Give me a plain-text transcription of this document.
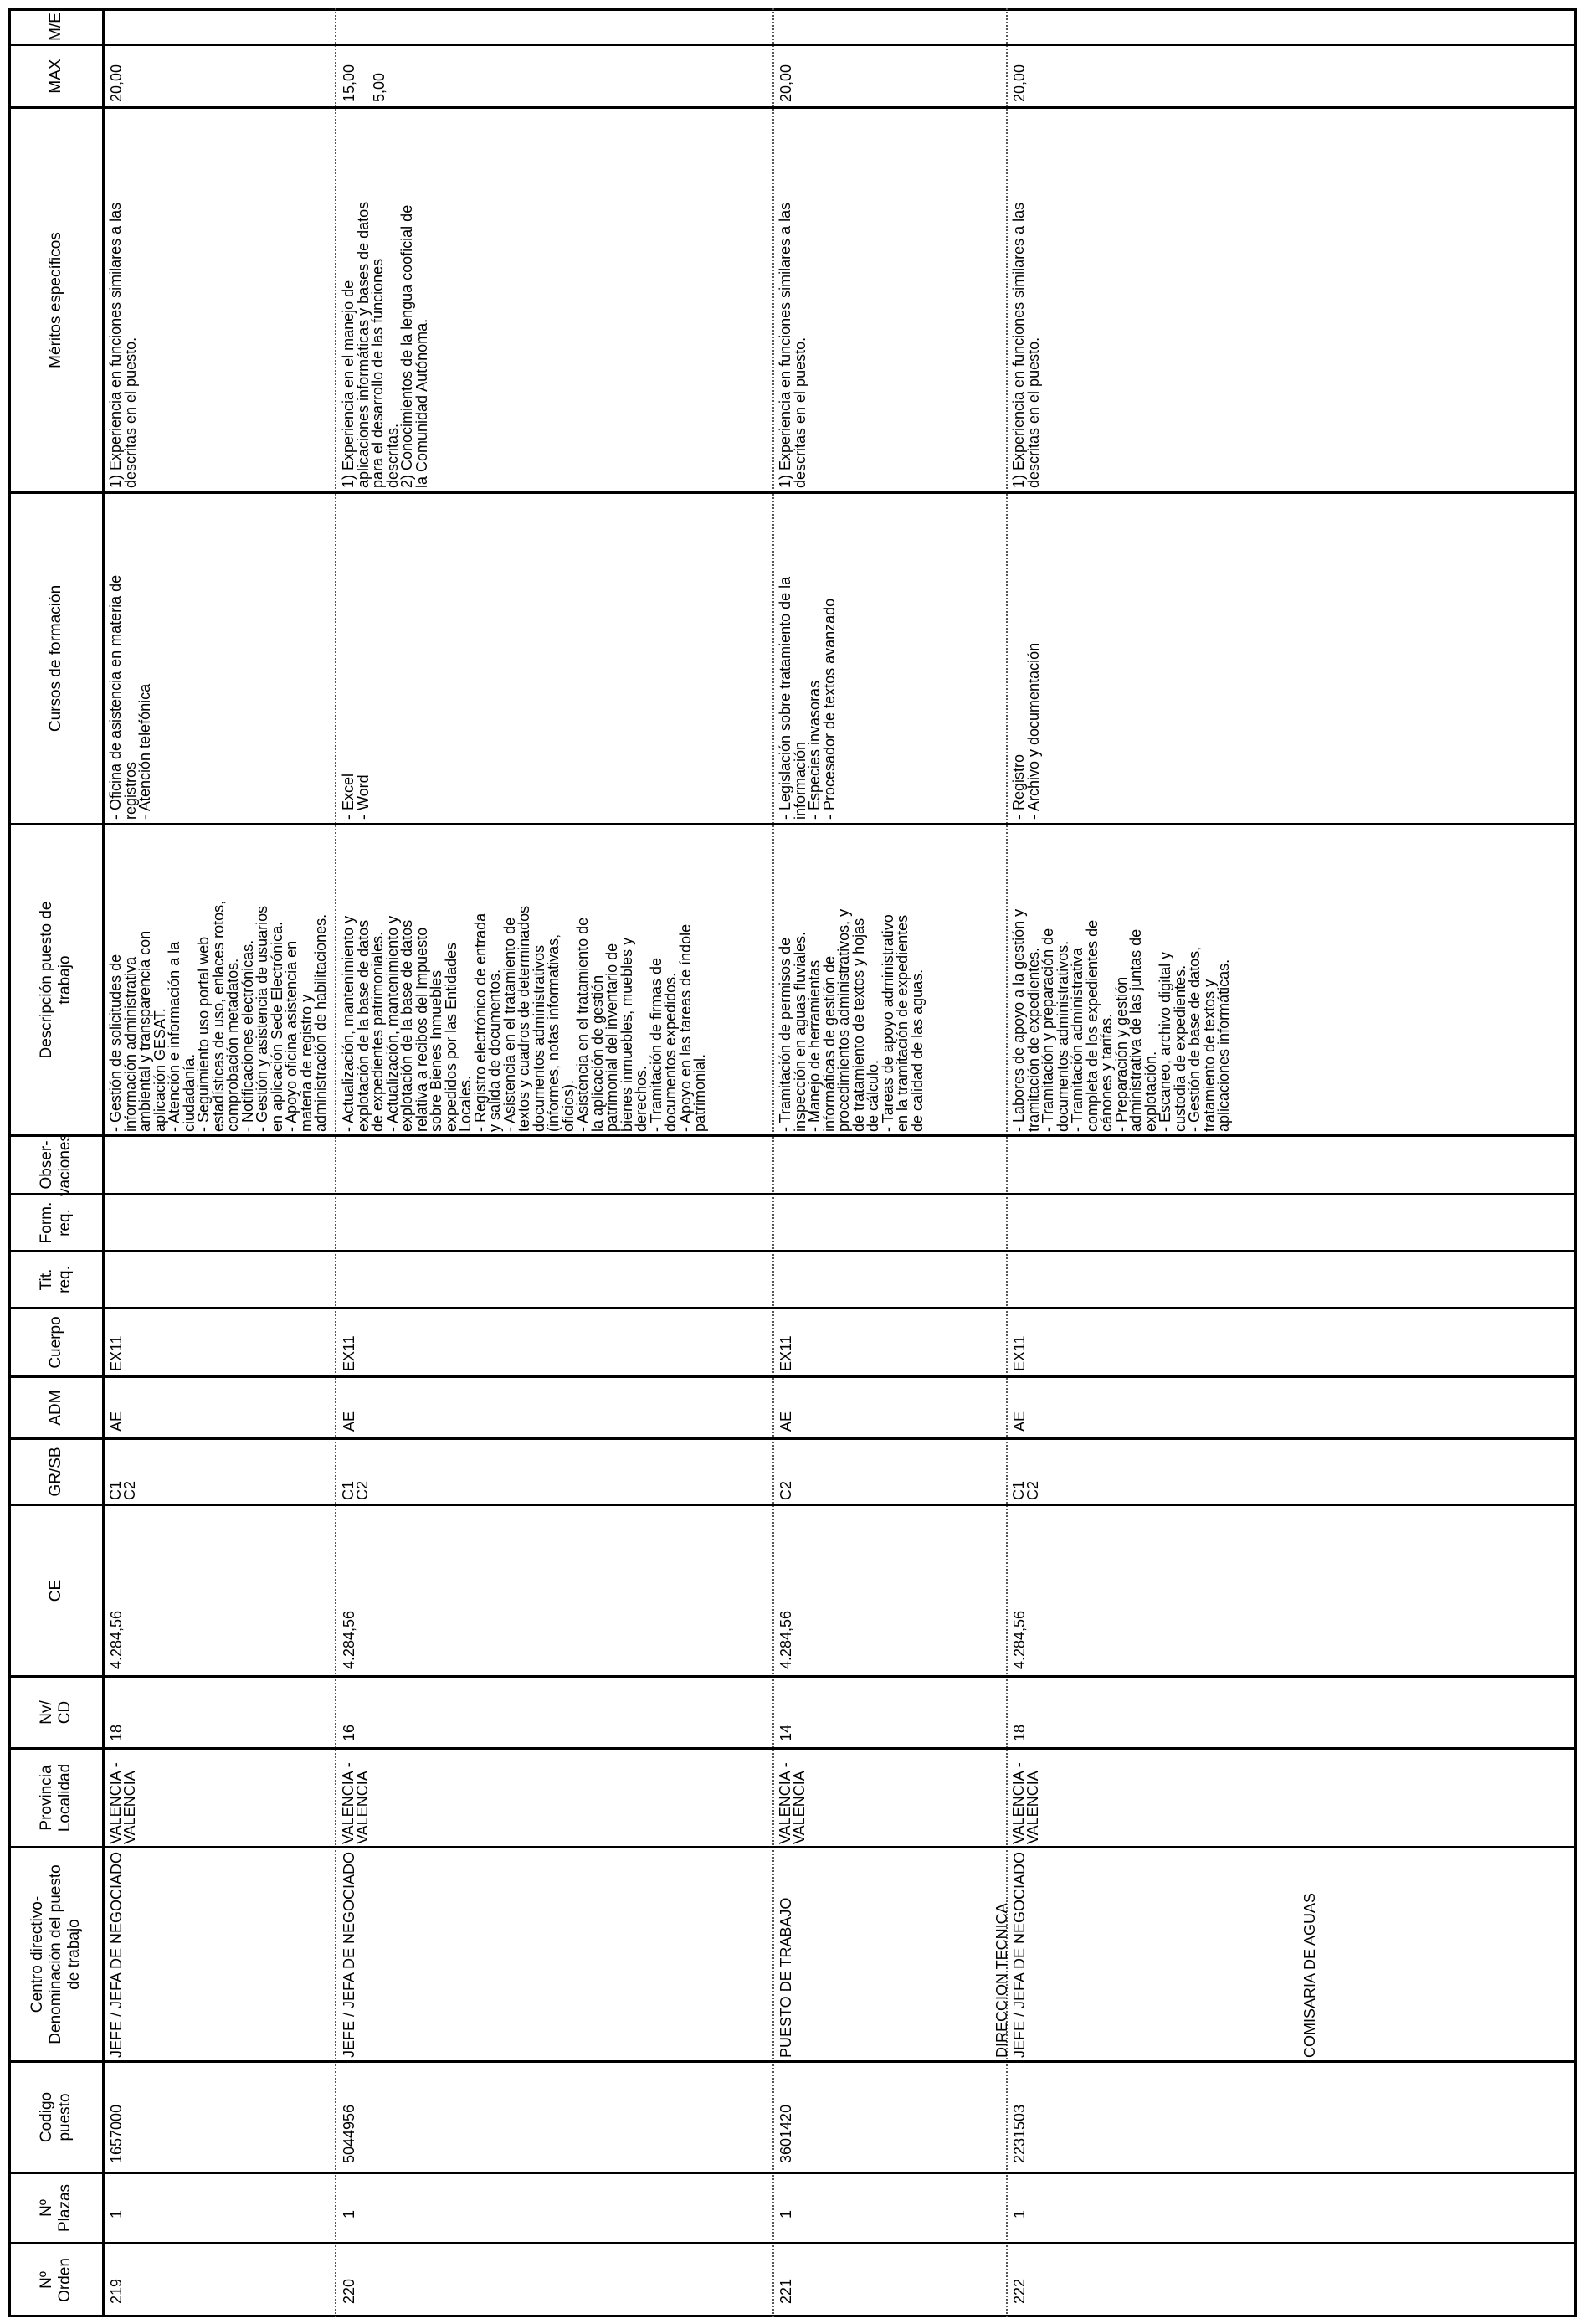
Nº
Orden
Nº
Plazas
Codigo
puesto
Centro directivo-
Denominación del puesto
de trabajo
Provincia
Localidad
Nv/
CD
CE
GR/SB
ADM
Cuerpo
Tit.
req.
Form.
req.
Obser-
vaciones
Descripción puesto de
trabajo
Cursos de formación
Méritos específicos
MAX
M/E
219
1
1657000
JEFE / JEFA DE NEGOCIADO
VALENCIA -
VALENCIA
18
4.284,56
C1
C2
AE
EX11
- Gestión de solicitudes de
información administrativa
ambiental y transparencia con
aplicación GESAT.
- Atención e información a la
ciudadanía.
- Seguimiento uso portal web
estadísticas de uso, enlaces rotos,
comprobación metadatos.
- Notificaciones electrónicas.
- Gestión y asistencia de usuarios
en aplicación Sede Electrónica.
- Apoyo oficina asistencia en
materia de registro y
administración de habilitaciones.
- Oficina de asistencia en materia de
registros
- Atención telefónica
1) Experiencia en funciones similares a las
descritas en el puesto.
20,00
220
1
5044956
JEFE / JEFA DE NEGOCIADO
VALENCIA -
VALENCIA
16
4.284,56
C1
C2
AE
EX11
- Actualización, mantenimiento y
explotación de la base de datos
de expedientes patrimoniales.
- Actualización, mantenimiento y
explotación de la base de datos
relativa a recibos del Impuesto
sobre Bienes Inmuebles
expedidos por las Entidades
Locales.
- Registro electrónico de entrada
y salida de documentos.
- Asistencia en el tratamiento de
textos y cuadros de determinados
documentos administrativos
(informes, notas informativas,
oficios).
- Asistencia en el tratamiento de
la aplicación de gestión
patrimonial del inventario de
bienes inmuebles, muebles y
derechos.
- Tramitación de firmas de
documentos expedidos.
- Apoyo en las tareas de índole
patrimonial.
- Excel
- Word
1) Experiencia en el manejo de
aplicaciones informáticas y bases de datos
para el desarrollo de las funciones
descritas.
2) Conocimientos de la lengua cooficial de
la Comunidad Autónoma.
15,00 5,00
221
1
3601420
PUESTO DE TRABAJO
VALENCIA -
VALENCIA
14
4.284,56
C2
AE
EX11
- Tramitación de permisos de
inspección en aguas fluviales.
- Manejo de herramientas
informáticas de gestión de
procedimientos administrativos, y
de tratamiento de textos y hojas
de cálculo.
- Tareas de apoyo administrativo
en la tramitación de expedientes
de calidad de las aguas.
- Legislación sobre tratamiento de la
información
- Especies invasoras
- Procesador de textos avanzado
1) Experiencia en funciones similares a las
descritas en el puesto.
20,00
DIRECCION TECNICA
222
1
2231503
JEFE / JEFA DE NEGOCIADO
VALENCIA -
VALENCIA
18
4.284,56
C1
C2
AE
EX11
- Labores de apoyo a la gestión y
tramitación de expedientes.
- Tramitación y preparación de
documentos administrativos.
- Tramitación administrativa
completa de los expedientes de
cánones y tarifas.
- Preparación y gestión
administrativa de las juntas de
explotación.
- Escaneo, archivo digital y
custodia de expedientes.
- Gestión de base de datos,
tratamiento de textos y
aplicaciones informáticas.
- Registro
- Archivo y documentación
1) Experiencia en funciones similares a las
descritas en el puesto.
20,00
COMISARIA DE AGUAS
